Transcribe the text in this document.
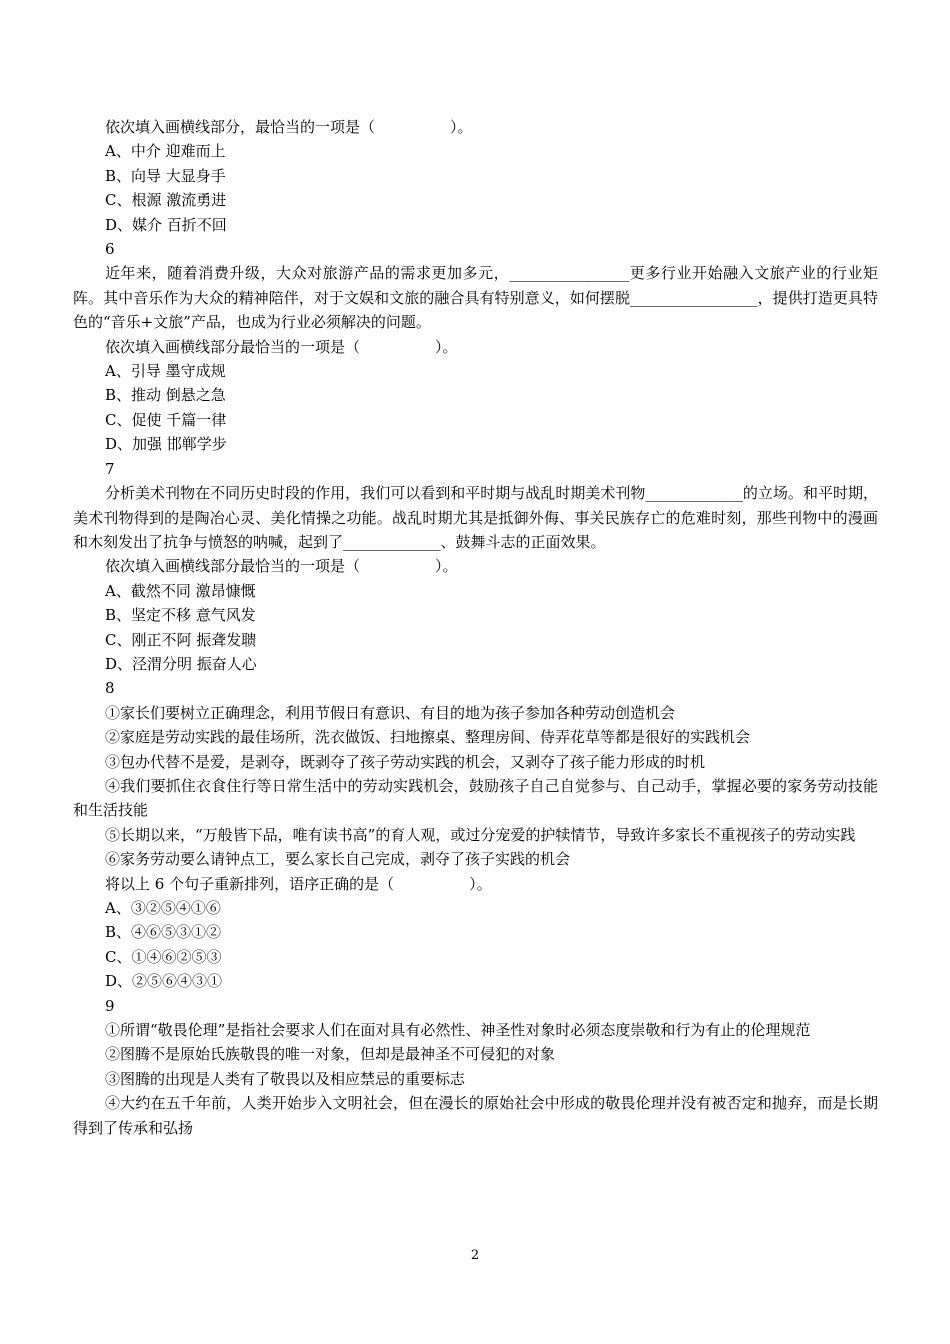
依次填入画横线部分，最恰当的一项是（　　　　　）。

A、中介 迎难而上

B、向导 大显身手

C、根源 激流勇进

D、媒介 百折不回

6

近年来，随着消费升级，大众对旅游产品的需求更加多元，________________更多行业开始融入文旅产业的行业矩阵。其中音乐作为大众的精神陪伴，对于文娱和文旅的融合具有特别意义，如何摆脱_________________，提供打造更具特色的“音乐+文旅”产品，也成为行业必须解决的问题。

依次填入画横线部分最恰当的一项是（　　　　　）。

A、引导 墨守成规

B、推动 倒悬之急

C、促使 千篇一律

D、加强 邯郸学步

7

分析美术刊物在不同历史时段的作用，我们可以看到和平时期与战乱时期美术刊物_____________的立场。和平时期，美术刊物得到的是陶冶心灵、美化情操之功能。战乱时期尤其是抵御外侮、事关民族存亡的危难时刻，那些刊物中的漫画和木刻发出了抗争与愤怒的呐喊，起到了_____________、鼓舞斗志的正面效果。

依次填入画横线部分最恰当的一项是（　　　　　）。

A、截然不同 激昂慷慨

B、坚定不移 意气风发

C、刚正不阿 振聋发聩

D、泾渭分明 振奋人心

8

①家长们要树立正确理念，利用节假日有意识、有目的地为孩子参加各种劳动创造机会

②家庭是劳动实践的最佳场所，洗衣做饭、扫地擦桌、整理房间、侍弄花草等都是很好的实践机会

③包办代替不是爱，是剥夺，既剥夺了孩子劳动实践的机会，又剥夺了孩子能力形成的时机

④我们要抓住衣食住行等日常生活中的劳动实践机会，鼓励孩子自己自觉参与、自己动手，掌握必要的家务劳动技能和生活技能

⑤长期以来，“万般皆下品，唯有读书高”的育人观，或过分宠爱的护犊情节，导致许多家长不重视孩子的劳动实践

⑥家务劳动要么请钟点工，要么家长自己完成，剥夺了孩子实践的机会

将以上 6 个句子重新排列，语序正确的是（　　　　　）。

A、③②⑤④①⑥

B、④⑥⑤③①②

C、①④⑥②⑤③

D、②⑤⑥④③①

9

①所谓“敬畏伦理”是指社会要求人们在面对具有必然性、神圣性对象时必须态度崇敬和行为有止的伦理规范

②图腾不是原始氏族敬畏的唯一对象，但却是最神圣不可侵犯的对象

③图腾的出现是人类有了敬畏以及相应禁忌的重要标志

④大约在五千年前，人类开始步入文明社会，但在漫长的原始社会中形成的敬畏伦理并没有被否定和抛弃，而是长期得到了传承和弘扬

2
